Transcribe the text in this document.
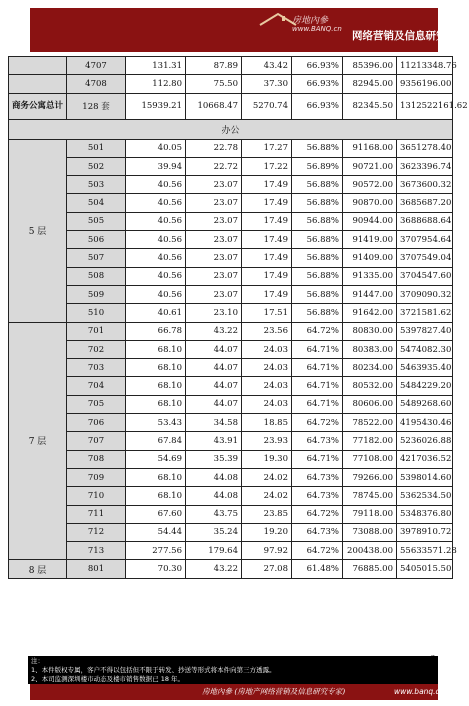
房地內參
www.BANQ.cn
网络营销及信息研究专家
	4707	131.31	87.89	43.42	66.93%	85396.00	11213348.76
	4708	112.80	75.50	37.30	66.93%	82945.00	9356196.00
商务公寓总计	128 套	15939.21	10668.47	5270.74	66.93%	82345.50	1312522161.62
办公							
5 层	501	40.05	22.78	17.27	56.88%	91168.00	3651278.40
	502	39.94	22.72	17.22	56.89%	90721.00	3623396.74
	503	40.56	23.07	17.49	56.88%	90572.00	3673600.32
	504	40.56	23.07	17.49	56.88%	90870.00	3685687.20
	505	40.56	23.07	17.49	56.88%	90944.00	3688688.64
	506	40.56	23.07	17.49	56.88%	91419.00	3707954.64
	507	40.56	23.07	17.49	56.88%	91409.00	3707549.04
	508	40.56	23.07	17.49	56.88%	91335.00	3704547.60
	509	40.56	23.07	17.49	56.88%	91447.00	3709090.32
	510	40.61	23.10	17.51	56.88%	91642.00	3721581.62
7 层	701	66.78	43.22	23.56	64.72%	80830.00	5397827.40
	702	68.10	44.07	24.03	64.71%	80383.00	5474082.30
	703	68.10	44.07	24.03	64.71%	80234.00	5463935.40
	704	68.10	44.07	24.03	64.71%	80532.00	5484229.20
	705	68.10	44.07	24.03	64.71%	80606.00	5489268.60
	706	53.43	34.58	18.85	64.72%	78522.00	4195430.46
	707	67.84	43.91	23.93	64.73%	77182.00	5236026.88
	708	54.69	35.39	19.30	64.71%	77108.00	4217036.52
	709	68.10	44.08	24.02	64.73%	79266.00	5398014.60
	710	68.10	44.08	24.02	64.73%	78745.00	5362534.50
	711	67.60	43.75	23.85	64.72%	79118.00	5348376.80
	712	54.44	35.24	19.20	64.73%	73088.00	3978910.72
	713	277.56	179.64	97.92	64.72%	200438.00	55633571.28
8 层	801	70.30	43.22	27.08	61.48%	76885.00	5405015.50
注：
1、本件版权专属，客户不得以包括但不限于转发、抄送等形式将本件向第三方透露。
2、本司监测深圳楼市动态及楼市销售数据已 18 年。
房地內參 (房地产网络营销及信息研究专家)	www.banq.cn
